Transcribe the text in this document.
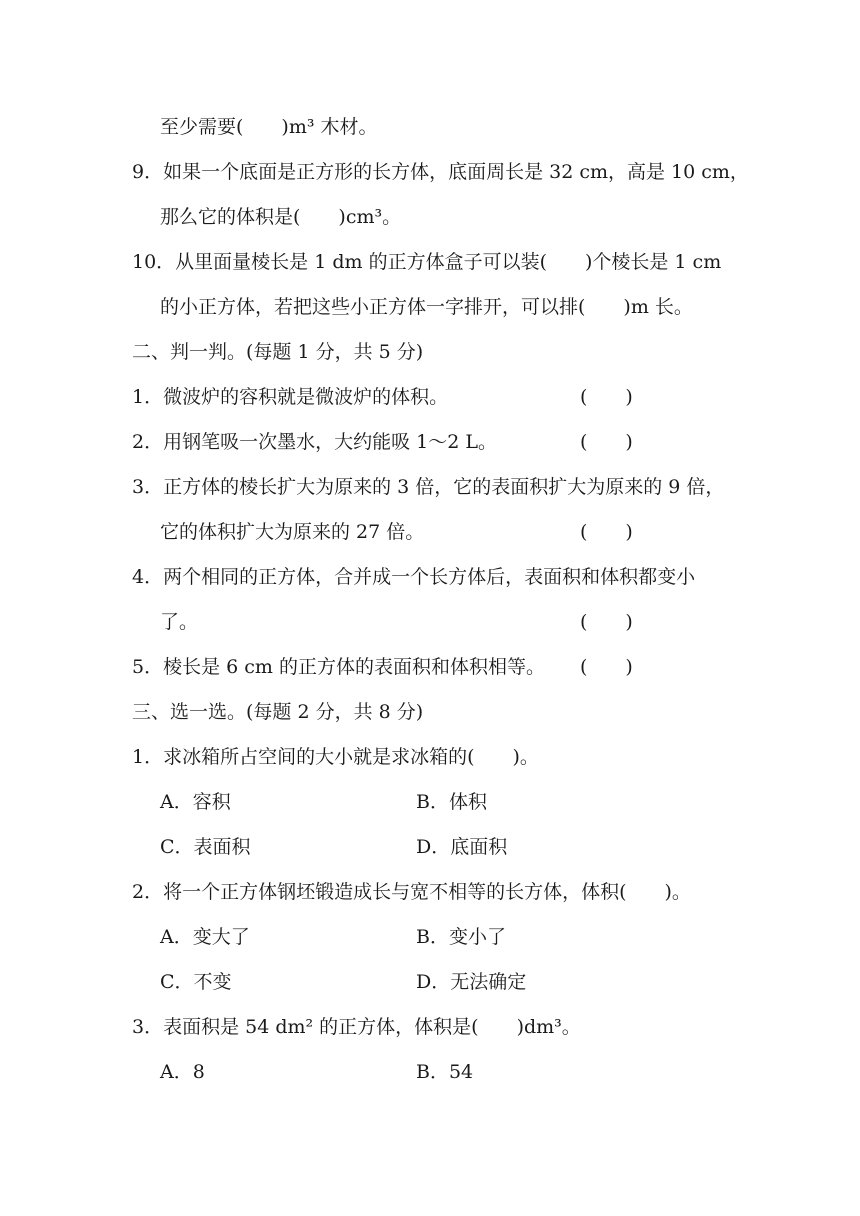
至少需要(　　)m³ 木材。
9．如果一个底面是正方形的长方体，底面周长是 32 cm，高是 10 cm，
那么它的体积是(　　)cm³。
10．从里面量棱长是 1 dm 的正方体盒子可以装(　　)个棱长是 1 cm
的小正方体，若把这些小正方体一字排开，可以排(　　)m 长。
二、判一判。(每题 1 分，共 5 分)
1．微波炉的容积就是微波炉的体积。	(　　)
2．用钢笔吸一次墨水，大约能吸 1～2 L。	(　　)
3．正方体的棱长扩大为原来的 3 倍，它的表面积扩大为原来的 9 倍，
它的体积扩大为原来的 27 倍。	(　　)
4．两个相同的正方体，合并成一个长方体后，表面积和体积都变小
了。	(　　)
5．棱长是 6 cm 的正方体的表面积和体积相等。 (　　)
三、选一选。(每题 2 分，共 8 分)
1．求冰箱所占空间的大小就是求冰箱的(　　)。
A．容积	B．体积
C．表面积	D．底面积
2．将一个正方体钢坯锻造成长与宽不相等的长方体，体积(　　)。
A．变大了	B．变小了
C．不变	D．无法确定
3．表面积是 54 dm² 的正方体，体积是(　　)dm³。
A．8	B．54
